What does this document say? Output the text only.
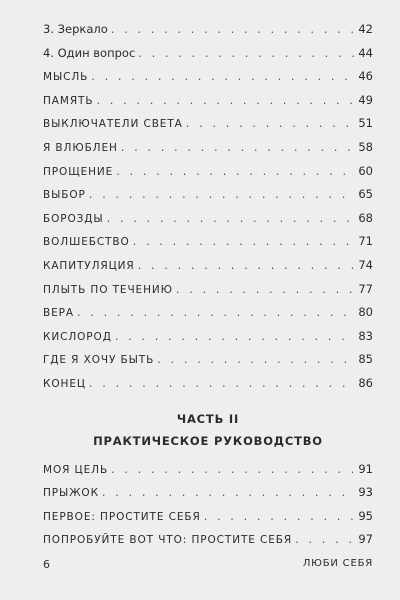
3. Зеркало . . .	42
4. Один вопрос . . .	44
МЫСЛЬ . . .	46
ПАМЯТЬ . . .	49
ВЫКЛЮЧАТЕЛИ СВЕТА . . .	51
Я ВЛЮБЛЕН . . .	58
ПРОЩЕНИЕ . . .	60
ВЫБОР . . .	65
БОРОЗДЫ . . .	68
ВОЛШЕБСТВО . . .	71
КАПИТУЛЯЦИЯ . . .	74
ПЛЫТЬ ПО ТЕЧЕНИЮ . . .	77
ВЕРА . . .	80
КИСЛОРОД . . .	83
ГДЕ Я ХОЧУ БЫТЬ . . .	85
КОНЕЦ . . .	86
ЧАСТЬ II
ПРАКТИЧЕСКОЕ РУКОВОДСТВО
МОЯ ЦЕЛЬ . . .	91
ПРЫЖОК . . .	93
ПЕРВОЕ: ПРОСТИТЕ СЕБЯ . . .	95
ПОПРОБУЙТЕ ВОТ ЧТО: ПРОСТИТЕ СЕБЯ . . .	97
6	ЛЮБИ СЕБЯ
